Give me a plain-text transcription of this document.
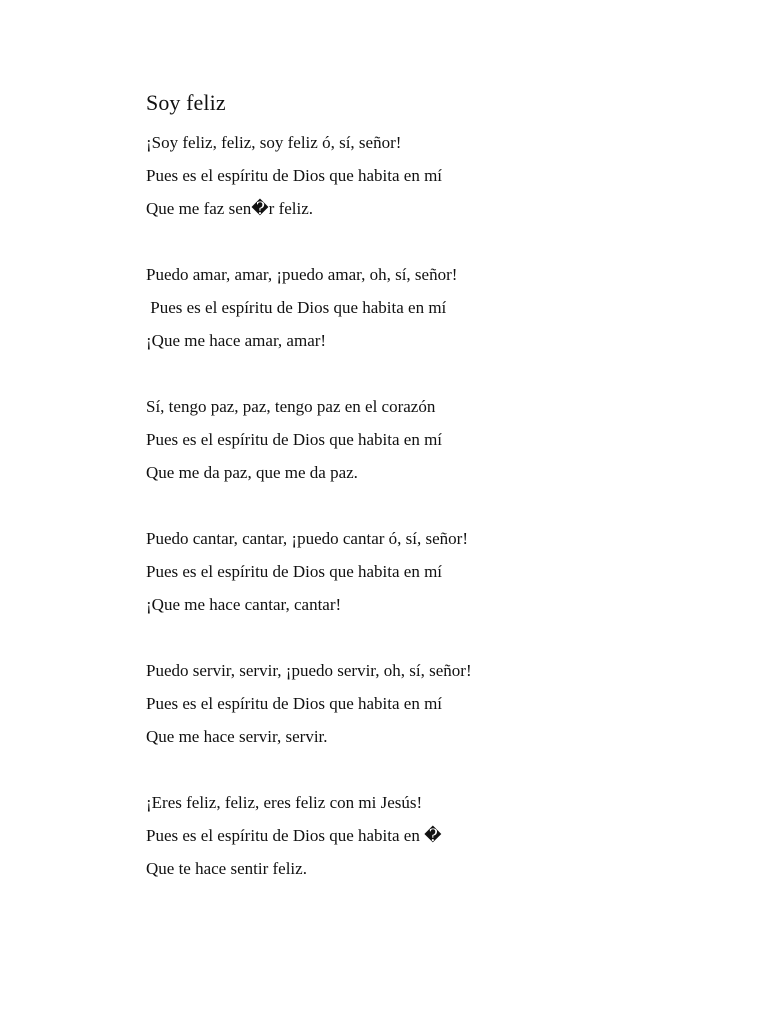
Soy feliz
¡Soy feliz, feliz, soy feliz ó, sí, señor!
Pues es el espíritu de Dios que habita en mí
Que me faz sen�r feliz.
Puedo amar, amar, ¡puedo amar, oh, sí, señor!
Pues es el espíritu de Dios que habita en mí
¡Que me hace amar, amar!
Sí, tengo paz, paz, tengo paz en el corazón
Pues es el espíritu de Dios que habita en mí
Que me da paz, que me da paz.
Puedo cantar, cantar, ¡puedo cantar ó, sí, señor!
Pues es el espíritu de Dios que habita en mí
¡Que me hace cantar, cantar!
Puedo servir, servir, ¡puedo servir, oh, sí, señor!
Pues es el espíritu de Dios que habita en mí
Que me hace servir, servir.
¡Eres feliz, feliz, eres feliz con mi Jesús!
Pues es el espíritu de Dios que habita en �
Que te hace sentir feliz.
